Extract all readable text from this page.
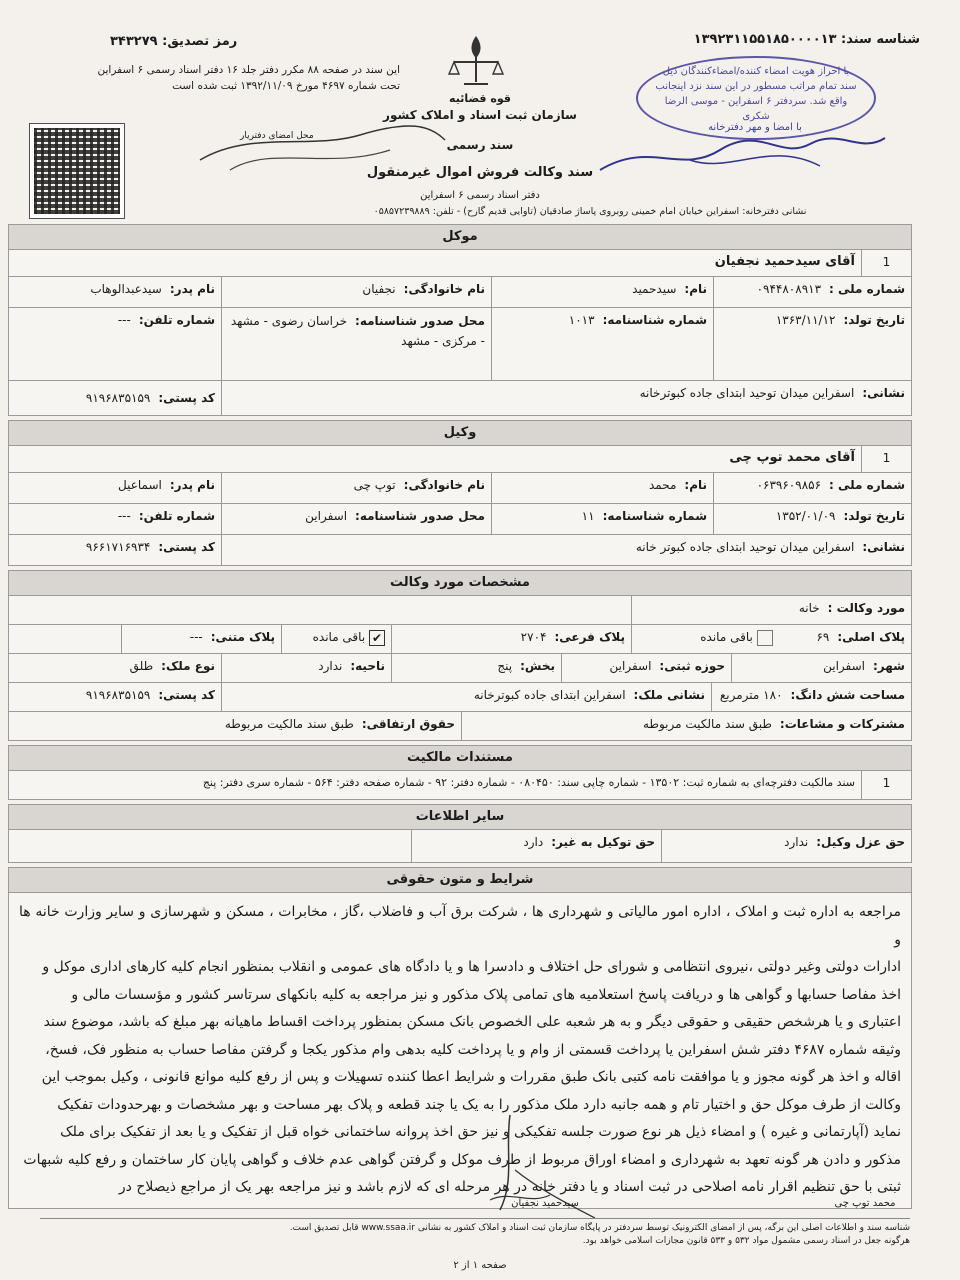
رمز تصدیق: ۳۴۳۲۷۹
این سند در صفحه ۸۸ مکرر دفتر جلد ۱۶ دفتر اسناد رسمی ۶ اسفراین
تحت شماره ۴۶۹۷ مورخ ۱۳۹۲/۱۱/۰۹ ثبت شده است
محل امضای دفتریار
قوه قضائیه
سازمان ثبت اسناد و املاک کشور
سند رسمی
سند وکالت فروش اموال غیرمنقول
دفتر اسناد رسمی ۶ اسفراین
نشانی دفترخانه: اسفراین خیابان امام خمینی روبروی پاساژ صادقیان (تاوایی قدیم گارح) - تلفن: ۰۵۸۵۷۲۳۹۸۸۹
شناسه سند: ۱۳۹۲۳۱۱۵۵۱۸۵۰۰۰۰۱۳
با احراز هویت امضاء کننده/امضاءکنندگان ذیل سند تمام مراتب مسطور در این سند نزد اینجانب واقع شد. سردفتر ۶ اسفراین - موسی الرضا شکری
با امضا و مهر دفترخانه
موکل
1
آقای سیدحمید نجفیان
شماره ملی :۰۹۴۴۸۰۸۹۱۳
نام:سیدحمید
نام خانوادگی:نجفیان
نام پدر:سیدعبدالوهاب
تاریخ تولد:۱۳۶۳/۱۱/۱۲
شماره شناسنامه:۱۰۱۳
محل صدور شناسنامه:خراسان رضوی - مشهد - مرکزی - مشهد
شماره تلفن:---
نشانی:اسفراین میدان توحید ابتدای جاده کبوترخانه
کد پستی:۹۱۹۶۸۳۵۱۵۹
وکیل
1
آقای محمد توپ چی
شماره ملی :۰۶۳۹۶۰۹۸۵۶
نام:محمد
نام خانوادگی:توپ چی
نام پدر:اسماعیل
تاریخ تولد:۱۳۵۲/۰۱/۰۹
شماره شناسنامه:۱۱
محل صدور شناسنامه:اسفراین
شماره تلفن:---
نشانی:اسفراین میدان توحید ابتدای جاده کبوتر خانه
کد پستی:۹۶۶۱۷۱۶۹۳۴
مشخصات مورد وکالت
مورد وکالت :خانه
پلاک اصلی:۶۹  باقی مانده
پلاک فرعی:۲۷۰۴
✔ باقی مانده
پلاک متنی:---
شهر:اسفراین
حوزه ثبتی:اسفراین
بخش:پنج
ناحیه:ندارد
نوع ملک:طلق
مساحت شش دانگ:۱۸۰ مترمربع
نشانی ملک:اسفراین ابتدای جاده کبوترخانه
کد پستی:۹۱۹۶۸۳۵۱۵۹
مشترکات و مشاعات:طبق سند مالکیت مربوطه
حقوق ارتفاقی:طبق سند مالکیت مربوطه
مستندات مالکیت
1
سند مالکیت دفترچه‌ای به شماره ثبت: ۱۳۵۰۲ - شماره چاپی سند: ۰۸۰۴۵۰ - شماره دفتر: ۹۲ - شماره صفحه دفتر: ۵۶۴ - شماره سری دفتر: پنج
سایر اطلاعات
حق عزل وکیل:ندارد
حق توکیل به غیر:دارد
شرایط و متون حقوقی
مراجعه به اداره ثبت و املاک ، اداره امور مالیاتی و شهرداری ها ، شرکت برق آب و فاضلاب ،گاز ، مخابرات ، مسکن و شهرسازی و سایر وزارت خانه ها و
ادارات دولتی وغیر دولتی ،نیروی انتظامی و شورای حل اختلاف و دادسرا ها و یا دادگاه های عمومی و انقلاب بمنظور انجام کلیه کارهای اداری موکل و
اخذ مفاصا حسابها و گواهی ها و دریافت پاسخ استعلامیه های تمامی پلاک مذکور و نیز مراجعه به کلیه بانکهای سرتاسر کشور و مؤسسات مالی و
اعتباری و یا هرشخص حقیقی و حقوقی دیگر و به هر شعبه علی الخصوص بانک مسکن بمنظور پرداخت اقساط ماهیانه بهر مبلغ که باشد، موضوع سند
وثیقه شماره ۴۶۸۷ دفتر شش اسفراین یا پرداخت قسمتی از وام و یا پرداخت کلیه بدهی وام مذکور یکجا و گرفتن مفاصا حساب به منظور فک، فسخ،
اقاله و اخذ هر گونه مجوز و یا موافقت نامه کتبی بانک طبق مقررات و شرایط اعطا کننده تسهیلات و پس از رفع کلیه موانع قانونی ، وکیل بموجب این
وکالت از طرف موکل حق و اختیار تام و همه جانبه دارد ملک مذکور را به یک یا چند قطعه و پلاک بهر مساحت و بهر مشخصات و بهرحدودات تفکیک
نماید (آپارتمانی و غیره ) و امضاء ذیل هر نوع صورت جلسه تفکیکی و نیز حق اخذ پروانه ساختمانی خواه قبل از تفکیک و یا بعد از تفکیک برای ملک
مذکور و دادن هر گونه تعهد به شهرداری و امضاء اوراق مربوط از طرف موکل و گرفتن گواهی عدم خلاف و گواهی پایان کار ساختمان و رفع کلیه شبهات
ثبتی با حق تنظیم اقرار نامه اصلاحی در ثبت اسناد و یا دفتر خانه در هر مرحله ای که لازم باشد و نیز مراجعه بهر یک از مراجع ذیصلاح در
سیدحمید نجفیان	محمد توپ چی
شناسه سند و اطلاعات اصلی این برگه، پس از امضای الکترونیک توسط سردفتر در پایگاه سازمان ثبت اسناد و املاک کشور به نشانی www.ssaa.ir قابل تصدیق است.
هرگونه جعل در اسناد رسمی مشمول مواد ۵۳۲ و ۵۳۳ قانون مجازات اسلامی خواهد بود.
صفحه ۱ از ۲
